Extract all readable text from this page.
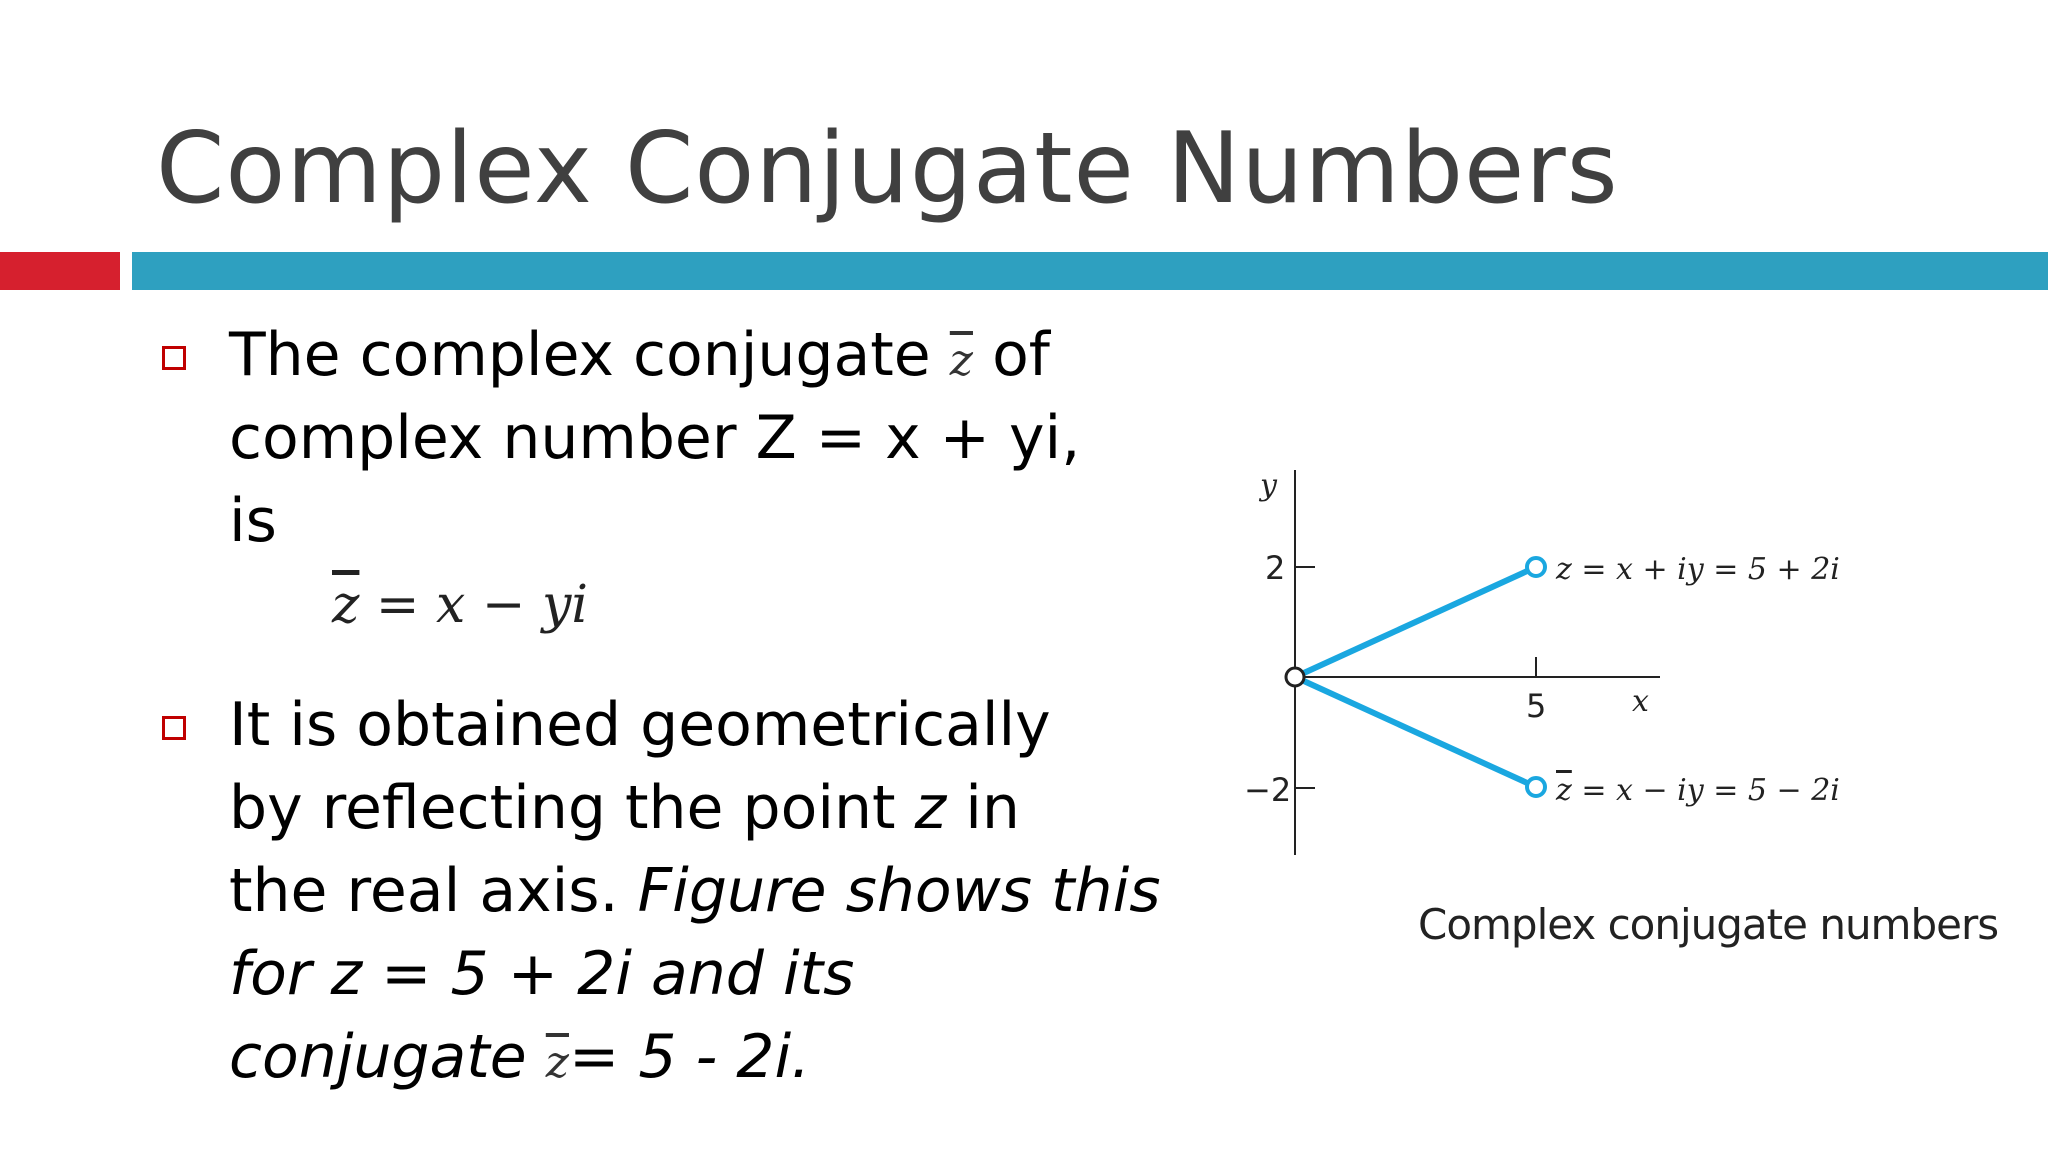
Complex Conjugate Numbers
The complex conjugate $\overline{z}$ of
complex number Z = x + yi,
is
$\overline{z} = x$ − yi
It is obtained geometrically
by reflecting the point z in
the real axis. Figure shows this
for z = 5 + 2i and its
conjugate $\overline{z}= 5 - 2i$.
y
x
2
−2
5
z = x + iy = 5 + 2i
z = x − iy = 5 − 2i
Complex conjugate numbers
